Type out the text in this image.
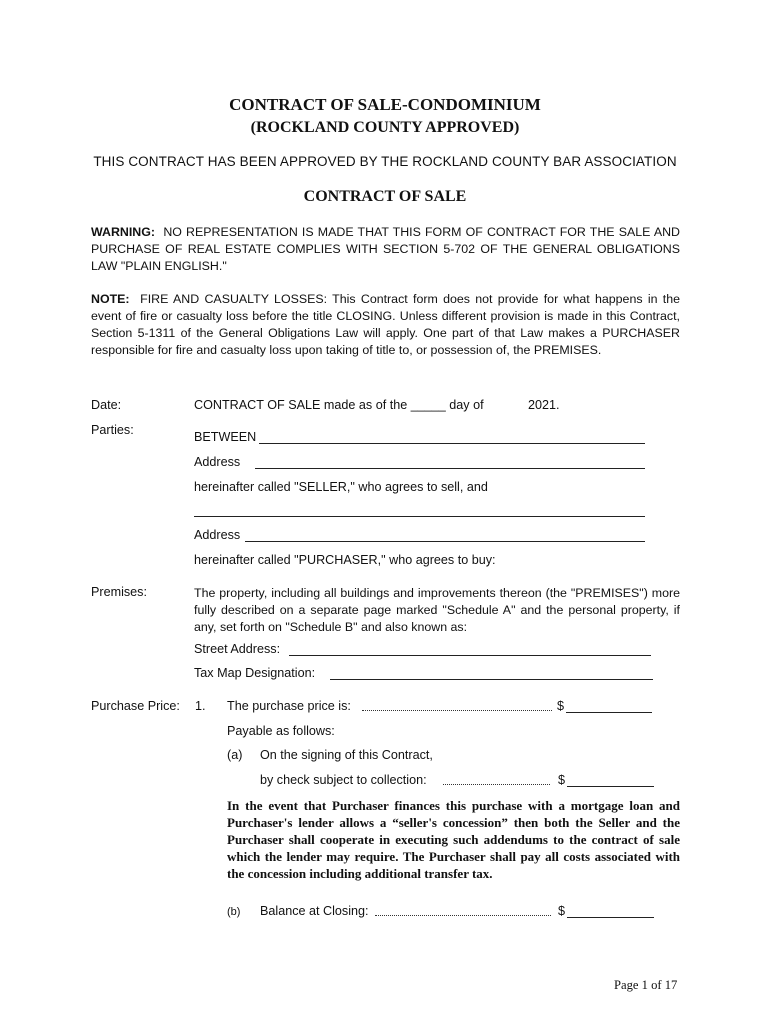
CONTRACT OF SALE-CONDOMINIUM
(ROCKLAND COUNTY APPROVED)
THIS CONTRACT HAS BEEN APPROVED BY THE ROCKLAND COUNTY BAR ASSOCIATION
CONTRACT OF SALE
WARNING: NO REPRESENTATION IS MADE THAT THIS FORM OF CONTRACT FOR THE SALE AND PURCHASE OF REAL ESTATE COMPLIES WITH SECTION 5-702 OF THE GENERAL OBLIGATIONS LAW "PLAIN ENGLISH."
NOTE: FIRE AND CASUALTY LOSSES: This Contract form does not provide for what happens in the event of fire or casualty loss before the title CLOSING. Unless different provision is made in this Contract, Section 5-1311 of the General Obligations Law will apply. One part of that Law makes a PURCHASER responsible for fire and casualty loss upon taking of title to, or possession of, the PREMISES.
Date:	CONTRACT OF SALE made as of the _____ day of	2021.
Parties:	BETWEEN
Address
hereinafter called "SELLER," who agrees to sell, and
Address
hereinafter called "PURCHASER," who agrees to buy:
Premises:	The property, including all buildings and improvements thereon (the "PREMISES") more fully described on a separate page marked "Schedule A" and the personal property, if any, set forth on "Schedule B" and also known as:
Street Address:
Tax Map Designation:
Purchase Price: 1. The purchase price is:	$
Payable as follows:
(a) On the signing of this Contract,
by check subject to collection:	$
In the event that Purchaser finances this purchase with a mortgage loan and Purchaser's lender allows a “seller's concession” then both the Seller and the Purchaser shall cooperate in executing such addendums to the contract of sale which the lender may require. The Purchaser shall pay all costs associated with the concession including additional transfer tax.
(b) Balance at Closing:	$
Page 1 of 17
